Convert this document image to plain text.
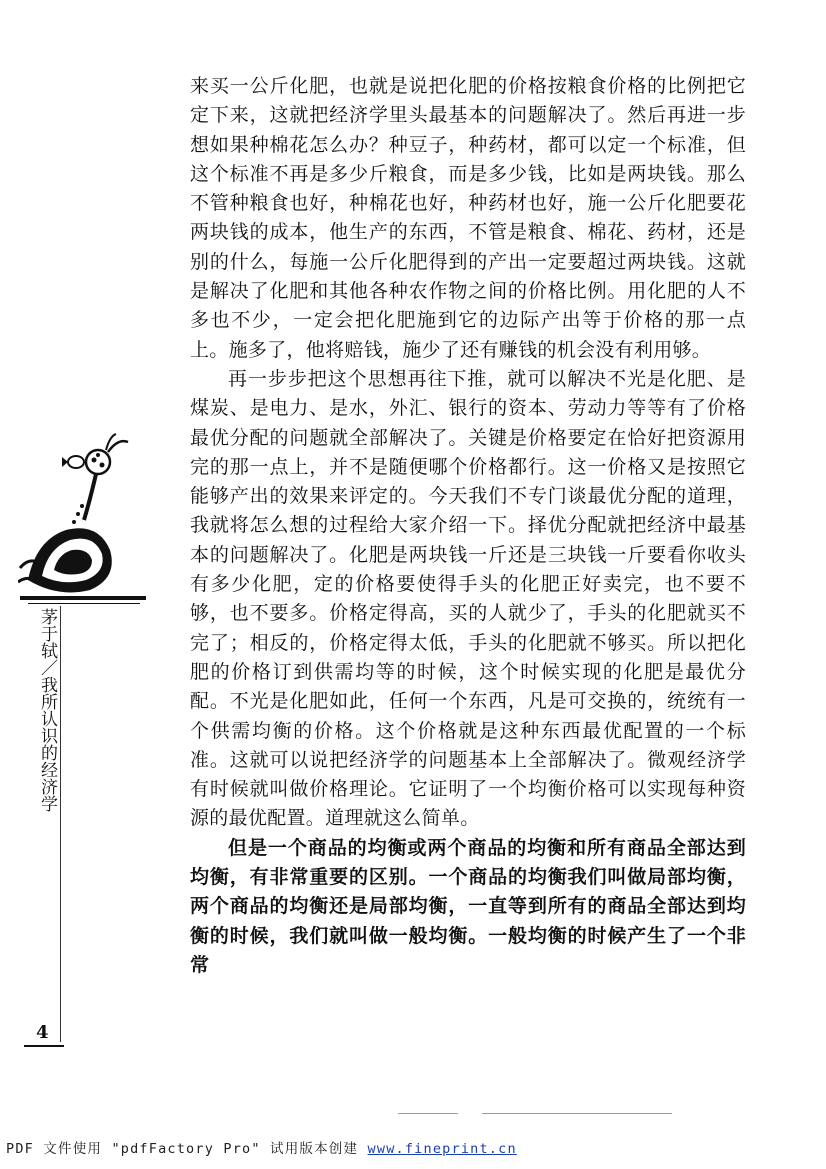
来买一公斤化肥，也就是说把化肥的价格按粮食价格的比例把它定下来，这就把经济学里头最基本的问题解决了。然后再进一步想如果种棉花怎么办？种豆子，种药材，都可以定一个标准，但这个标准不再是多少斤粮食，而是多少钱，比如是两块钱。那么不管种粮食也好，种棉花也好，种药材也好，施一公斤化肥要花两块钱的成本，他生产的东西，不管是粮食、棉花、药材，还是别的什么，每施一公斤化肥得到的产出一定要超过两块钱。这就是解决了化肥和其他各种农作物之间的价格比例。用化肥的人不多也不少，一定会把化肥施到它的边际产出等于价格的那一点上。施多了，他将赔钱，施少了还有赚钱的机会没有利用够。

再一步步把这个思想再往下推，就可以解决不光是化肥、是煤炭、是电力、是水，外汇、银行的资本、劳动力等等有了价格最优分配的问题就全部解决了。关键是价格要定在恰好把资源用完的那一点上，并不是随便哪个价格都行。这一价格又是按照它能够产出的效果来评定的。今天我们不专门谈最优分配的道理，我就将怎么想的过程给大家介绍一下。择优分配就把经济中最基本的问题解决了。化肥是两块钱一斤还是三块钱一斤要看你收头有多少化肥，定的价格要使得手头的化肥正好卖完，也不要不够，也不要多。价格定得高，买的人就少了，手头的化肥就买不完了；相反的，价格定得太低，手头的化肥就不够买。所以把化肥的价格订到供需均等的时候，这个时候实现的化肥是最优分配。不光是化肥如此，任何一个东西，凡是可交换的，统统有一个供需均衡的价格。这个价格就是这种东西最优配置的一个标准。这就可以说把经济学的问题基本上全部解决了。微观经济学有时候就叫做价格理论。它证明了一个均衡价格可以实现每种资源的最优配置。道理就这么简单。

但是一个商品的均衡或两个商品的均衡和所有商品全部达到均衡，有非常重要的区别。一个商品的均衡我们叫做局部均衡，两个商品的均衡还是局部均衡，一直等到所有的商品全部达到均衡的时候，我们就叫做一般均衡。一般均衡的时候产生了一个非常

茅于轼／我所认识的经济学
4
PDF 文件使用 "pdfFactory Pro" 试用版本创建 www.fineprint.cn
